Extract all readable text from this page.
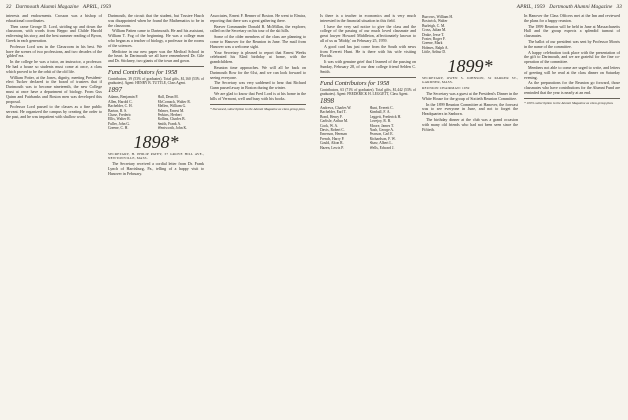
32 Dartmouth Alumni Magazine APRIL, 1959

interests and endowments. Crosson was a bishop of educational coordinates.

Then came George D. Lord, striding up and down the classroom, with words from Beppo and Childe Harold enlivening his story, and the best summer reading of Byron, Greek in each generation.

Professor Lord was in the Classroom in his best. We have the scenes of two professions, and two decades of the 'gilded' era.

In the college he was a tutor, an instructor, a professor. He had a house so students must come at once, a class which proved to be the orbit of the old life.

William Potter, at the Jones, dignity, meeting President-elect Tucker declared to the board of trustees that if Dartmouth was to become nineteenth, the new College must at once have a department of biology. From Gus Quinn and Fairbanks and Boston men was developed this proposal.

Professor Lord passed to the classes as a fine public servant. He organized the campus by creating the order to the past, and he was impatient with shallow work.

Dartmouth, the circuit that the student, but Trustee Hasch was disappointed when he found the Mathematics to be in the classroom.

William Patten came to Dartmouth. He and his assistant, William T. Fog of the beginning. He was a college man who began as a teacher of biology, a professor in the rooms of the sciences.

Medicine in our new paper was the Medical School in the heart. In Dartmouth we all have remembered Dr. Gile and Dr. Stickney, two giants of the town and gown.

Fund Contributors for 1958

Contributors, 39 (53% of graduates). Total gifts, $1,160 (53% of graduates). Agent: HENRY B. TUTTLE, Class Agent.

1897

Adams, Benjamin F.
Allen, Harold C.
Bachelder, C. H.
Barton, R. S.
Chase, Frederic
Ellis, Walter R.
Fuller, John G.
Greene, C. H.
Hall, Dean M.
McCornack, Walter R.
Mellen, William G.
Palmer, Ernest M.
Perkins, Herbert
Rollins, Charles B.
Smith, Frank A.
Wentworth, John K.

1898*

SECRETARY, H. PHILIP PATEY, 37 GROVE HILL AVE., NEWTONVILLE, MASS.

The Secretary received a cordial letter from Dr. Frank Lynch of Harrisburg, Pa., telling of a happy visit to Hanover in February.

Associates, Ernest F. Benner of Boston. He went to Elmira, reporting that there was a great gathering there.

Beaver Commander Donald B. McMillan, the explorer, called on the Secretary on his tour of the ski hills.

Some of the older members of the class are planning to come to Hanover for the Reunion in June. The mail from Hanover was a welcome sight.

Your Secretary is pleased to report that Ernest Weeks celebrated his 82nd birthday at home, with the grandchildren.

Reunion time approaches. We will all be back on Dartmouth Row for the 61st, and we can look forward to seeing everyone.

The Secretary was very saddened to hear that Richard Gunn passed away in Boston during the winter.

We are glad to know that Fred Lord is at his home in the hills of Vermont, well and busy with his books.

* Deceased, subscription to the Alumni Magazine as class group plan.

APRIL, 1959 Dartmouth Alumni Magazine 33

Is there is a teacher in economics and is very much interested in the financial situation in this field.

I have the very sad notice to give the class and the college of the passing of our much loved classmate and great lawyer Howard Middleton, affectionately known to all of us as 'Middy,' on February 25, 1959.

A good card has just come from the South with news from Everett Hunt. He is there with his wife visiting Florida.

It was with genuine grief that I learned of the passing on Sunday, February 28, of our dear college friend Selden C. Smith.

Fund Contributors for 1958

Contributors, 63 (71% of graduates). Total gifts, $1,442 (53% of graduates). Agent: FREDERICK H. LEGGETT, Class Agent.

1898

Andrews, Charles W.
Bachelder, Earl T.
Bond, Henry F.
Carlisle, Arthur M.
Cook, W. A.
Davis, Robert C.
Emerson, Herman
French, Harry P.
Gould, Alton R.
Hazen, Lewis P.
Hunt, Everett C.
Kimball, F. A.
Leggett, Frederick H.
Lovejoy, R. B.
Moore, James T.
Nash, George A.
Pearson, Carl E.
Richardson, F. W.
Shaw, Albert L.
Wells, Edward J.
Burrows, William H.
Bostwick, Walter
Burleigh, C. M.
Cross, Julian M.
Drake, Jesse T.
Foster, Roger F.
Greene, Mark
Holmes, Ralph A.
Little, Arthur D.

1899*

SECRETARY, OWEN S. JOHNSON, 32 PARKER ST., GARDNER, MASS.

REUNION CHAIRMAN: 1959

The Secretary was a guest at the President's Dinner in the White House for the group of Sixtieth Reunion Committee.

In the 1899 Reunion Committee at Hanover, the forecast was to see everyone in June, and not to forget the Headquarters in Sanborn.

The birthday dinner at the club was a grand occasion with many old friends who had not been seen since the Fiftieth.

In Hanover the Class Officers met at the Inn and reviewed the plans for a happy reunion.

The 1899 Reunion will be held in June at Massachusetts Hall and the group expects a splendid turnout of classmates.

The ballot of our president was sent by Professor Morris in the name of the committee.

A happy celebration took place with the presentation of the gift to Dartmouth, and we are grateful for the fine co-operation of the committee.

Members not able to come are urged to write, and letters of greeting will be read at the class dinner on Saturday evening.

As the preparations for the Reunion go forward, those classmates who have contributions for the Alumni Fund are reminded that the year is nearly at an end.

* 100% subscription to the Alumni Magazine as class group plan.
